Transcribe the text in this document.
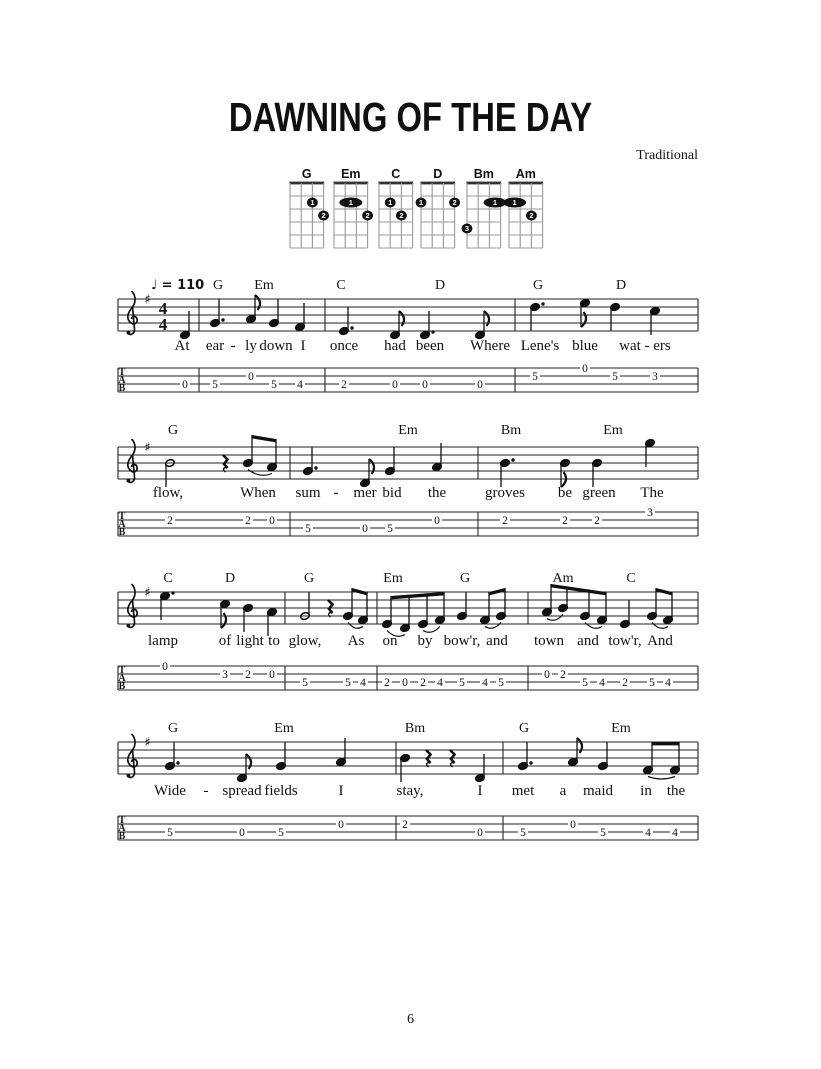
DAWNING OF THE DAY
Traditional
G
1
2
Em
1
2
C
1
2
D
1	2
Bm
1
3
Am
1
2
♯
♩ = 110
4
4
T
A
B	0 5
0
5 4	2	0 0	0
5
0
5	3
G Em	C	D	G	D
At ear - ly down I once had been Where Lene's blue wat - ers
♯
T
A
B
2	2 0
5	0 5
0	2	2 2
3
G	Em	Bm	Em
flow,	When sum - mer bid the	groves be green The
♯
T
A
B
0
3 2 0
5	5 4 2 0 2 4 5 4 5
0 2
5 4 2 5 4
C	D	G	Em	G	Am	C
lamp	of light to glow, As on by bow'r, and town and tow'r, And
♯
T
A
B	5	0	5
0	2
0	5
0
5	4 4
G	Em	Bm	G	Em
Wide - spread fields	I	stay,	I met a maid in the
6
